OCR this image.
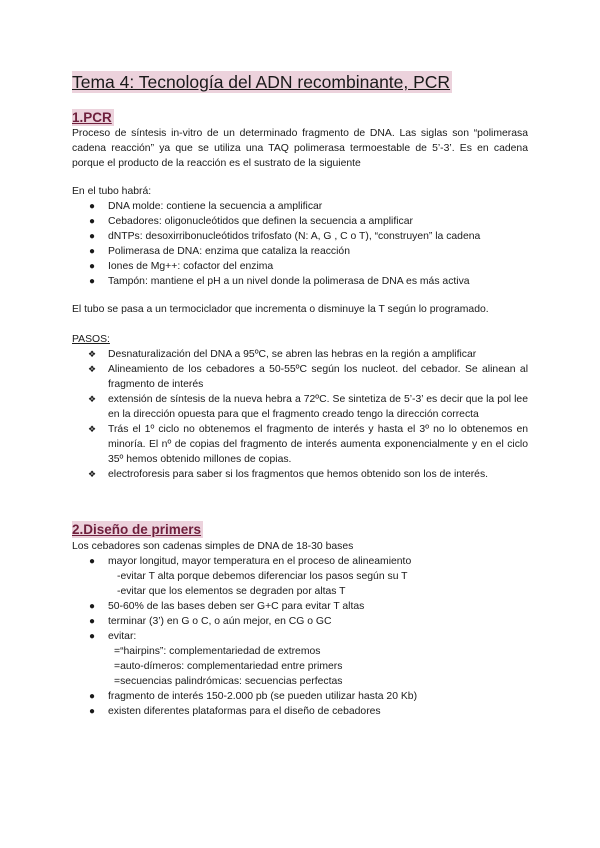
Tema 4: Tecnología del ADN recombinante, PCR
1.PCR

Proceso de síntesis in-vitro de un determinado fragmento de DNA. Las siglas son “polimerasa cadena reacción” ya que se utiliza una TAQ polimerasa termoestable de 5’-3’. Es en cadena porque el producto de la reacción es el sustrato de la siguiente

En el tubo habrá:

● DNA molde: contiene la secuencia a amplificar
● Cebadores: oligonucleótidos que definen la secuencia a amplificar
● dNTPs: desoxirribonucleótidos trifosfato (N: A, G , C o T), “construyen” la cadena
● Polimerasa de DNA: enzima que cataliza la reacción
● Iones de Mg++: cofactor del enzima
● Tampón: mantiene el pH a un nivel donde la polimerasa de DNA es más activa

El tubo se pasa a un termociclador que incrementa o disminuye la T según lo programado.

PASOS:

❖ Desnaturalización del DNA a 95ºC, se abren las hebras en la región a amplificar
❖ Alineamiento de los cebadores a 50-55ºC según los nucleot. del cebador. Se alinean al fragmento de interés
❖ extensión de síntesis de la nueva hebra a 72ºC. Se sintetiza de 5’-3’ es decir que la pol lee en la dirección opuesta para que el fragmento creado tengo la dirección correcta
❖ Trás el 1º ciclo no obtenemos el fragmento de interés y hasta el 3º no lo obtenemos en minoría. El nº de copias del fragmento de interés aumenta exponencialmente y en el ciclo 35º hemos obtenido millones de copias.
❖ electroforesis para saber si los fragmentos que hemos obtenido son los de interés.
2.Diseño de primers

Los cebadores son cadenas simples de DNA de 18-30 bases

● mayor longitud, mayor temperatura en el proceso de alineamiento
-evitar T alta porque debemos diferenciar los pasos según su T
-evitar que los elementos se degraden por altas T
● 50-60% de las bases deben ser G+C para evitar T altas
● terminar (3’) en G o C, o aún mejor, en CG o GC
● evitar:
=“hairpins”: complementariedad de extremos
=auto-dímeros: complementariedad entre primers
=secuencias palindrómicas: secuencias perfectas
● fragmento de interés 150-2.000 pb (se pueden utilizar hasta 20 Kb)
● existen diferentes plataformas para el diseño de cebadores
